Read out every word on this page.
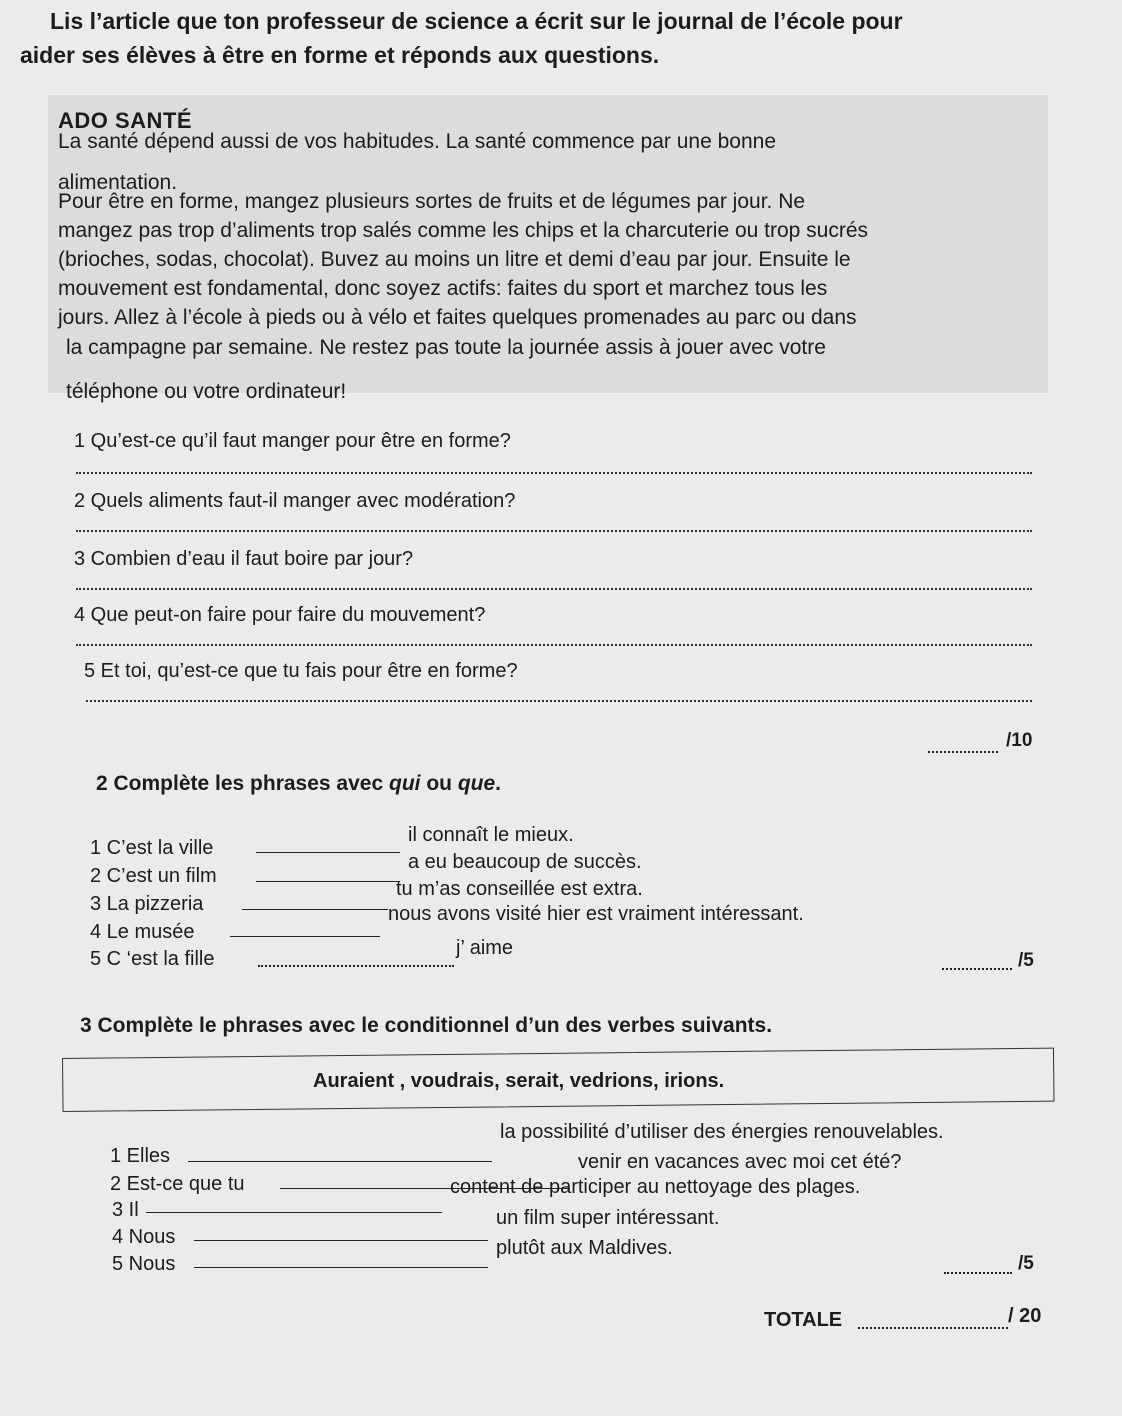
Lis l’article que ton professeur de science a écrit sur le journal de l’école pour
aider ses élèves à être en forme et réponds aux questions.
ADO SANTÉ
La santé dépend aussi de vos habitudes. La santé commence par une bonne
alimentation.
Pour être en forme, mangez plusieurs sortes de fruits et de légumes par jour. Ne
mangez pas trop d’aliments trop salés comme les chips et la charcuterie ou trop sucrés
(brioches, sodas, chocolat). Buvez au moins un litre et demi d’eau par jour. Ensuite le
mouvement est fondamental, donc soyez actifs: faites du sport et marchez tous les
jours. Allez à l’école à pieds ou à vélo et faites quelques promenades au parc ou dans
la campagne par semaine. Ne restez pas toute la journée assis à jouer avec votre
téléphone ou votre ordinateur!
1 Qu’est-ce qu’il faut manger pour être en forme?
2 Quels aliments faut-il manger avec modération?
3 Combien d’eau il faut boire par jour?
4 Que peut-on faire pour faire du mouvement?
5 Et toi, qu’est-ce que tu fais pour être en forme?
/10
2 Complète les phrases avec qui ou que.
1 C’est la ville
il connaît le mieux.
2 C’est un film
a eu beaucoup de succès.
3 La pizzeria
tu m’as conseillée est extra.
4 Le musée
nous avons visité hier est vraiment intéressant.
5 C ‘est la fille	j’ aime
/5
3 Complète le phrases avec le conditionnel d’un des verbes suivants.
Auraient , voudrais, serait, vedrions, irions.
1 Elles
la possibilité d’utiliser des énergies renouvelables.
2 Est-ce que tu
venir en vacances avec moi cet été?
3 Il
content de participer au nettoyage des plages.
4 Nous
un film super intéressant.
5 Nous
plutôt aux Maldives.
/5
TOTALE	/ 20
